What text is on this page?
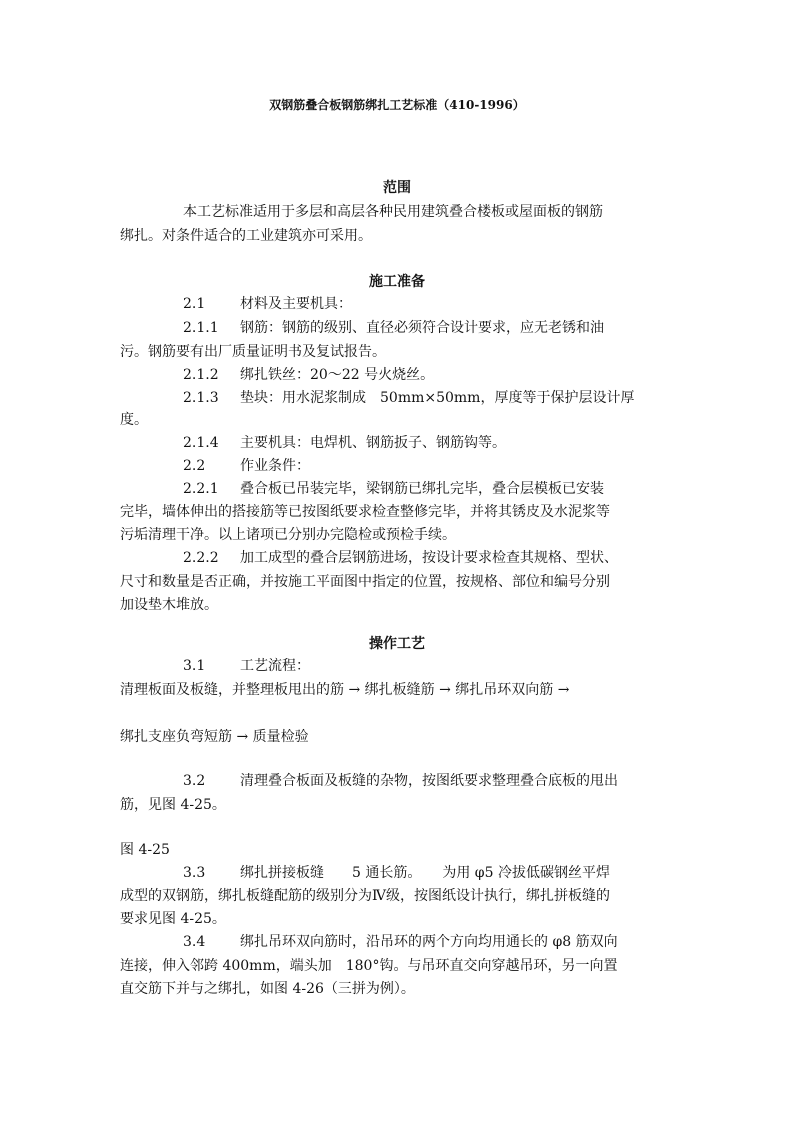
双钢筋叠合板钢筋绑扎工艺标准（410-1996）
范围
本工艺标准适用于多层和高层各种民用建筑叠合楼板或屋面板的钢筋
绑扎。对条件适合的工业建筑亦可采用。
施工准备
2.1 材料及主要机具：
2.1.1 钢筋：钢筋的级别、直径必须符合设计要求，应无老锈和油
污。钢筋要有出厂质量证明书及复试报告。
2.1.2 绑扎铁丝：20～22 号火烧丝。
2.1.3 垫块：用水泥浆制成　50mm×50mm，厚度等于保护层设计厚
度。
2.1.4 主要机具：电焊机、钢筋扳子、钢筋钩等。
2.2 作业条件：
2.2.1 叠合板已吊装完毕，梁钢筋已绑扎完毕，叠合层模板已安装
完毕，墙体伸出的搭接筋等已按图纸要求检查整修完毕，并将其锈皮及水泥浆等
污垢清理干净。以上诸项已分别办完隐检或预检手续。
2.2.2 加工成型的叠合层钢筋进场，按设计要求检查其规格、型状、
尺寸和数量是否正确，并按施工平面图中指定的位置，按规格、部位和编号分别
加设垫木堆放。
操作工艺
3.1 工艺流程：
清理板面及板缝，并整理板甩出的筋 → 绑扎板缝筋 → 绑扎吊环双向筋 →
绑扎支座负弯短筋 → 质量检验
3.2 清理叠合板面及板缝的杂物，按图纸要求整理叠合底板的甩出
筋，见图 4-25。
图 4-25
3.3 绑扎拼接板缝　　5 通长筋。　　为用 φ5 冷拔低碳钢丝平焊
成型的双钢筋，绑扎板缝配筋的级别分为Ⅳ级，按图纸设计执行，绑扎拼板缝的
要求见图 4-25。
3.4 绑扎吊环双向筋时，沿吊环的两个方向均用通长的 φ8 筋双向
连接，伸入邻跨 400mm，端头加　180°钩。与吊环直交向穿越吊环，另一向置
直交筋下并与之绑扎，如图 4-26（三拼为例）。
